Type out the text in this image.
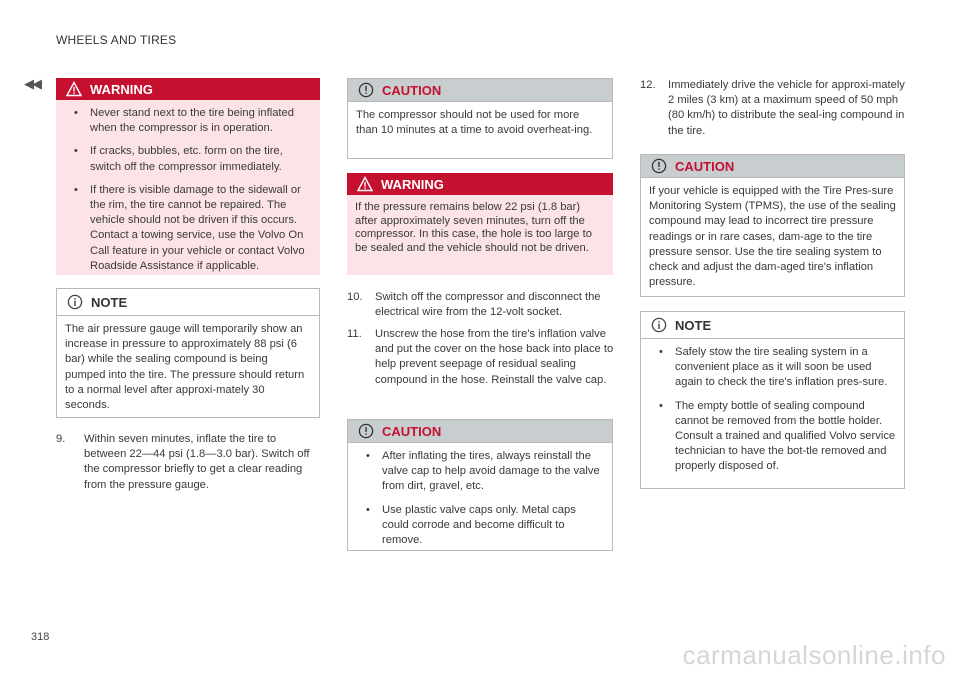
WHEELS AND TIRES
◀◀	WARNING
• Never stand next to the tire being inflated when the compressor is in operation.
• If cracks, bubbles, etc. form on the tire, switch off the compressor immediately.
• If there is visible damage to the sidewall or the rim, the tire cannot be repaired. The vehicle should not be driven if this occurs. Contact a towing service, use the Volvo On Call feature in your vehicle or contact Volvo Roadside Assistance if applicable.
NOTE
The air pressure gauge will temporarily show an increase in pressure to approximately 88 psi (6 bar) while the sealing compound is being pumped into the tire. The pressure should return to a normal level after approxi-mately 30 seconds.
9.	Within seven minutes, inflate the tire to between 22—44 psi (1.8—3.0 bar). Switch off the compressor briefly to get a clear reading from the pressure gauge.
CAUTION
The compressor should not be used for more than 10 minutes at a time to avoid overheat-ing.
WARNING
If the pressure remains below 22 psi (1.8 bar) after approximately seven minutes, turn off the compressor. In this case, the hole is too large to be sealed and the vehicle should not be driven.
10.	Switch off the compressor and disconnect the electrical wire from the 12-volt socket.
11.	Unscrew the hose from the tire's inflation valve and put the cover on the hose back into place to help prevent seepage of residual sealing compound in the hose. Reinstall the valve cap.
CAUTION
• After inflating the tires, always reinstall the valve cap to help avoid damage to the valve from dirt, gravel, etc.
• Use plastic valve caps only. Metal caps could corrode and become difficult to remove.
12.	Immediately drive the vehicle for approxi-mately 2 miles (3 km) at a maximum speed of 50 mph (80 km/h) to distribute the seal-ing compound in the tire.
CAUTION
If your vehicle is equipped with the Tire Pres-sure Monitoring System (TPMS), the use of the sealing compound may lead to incorrect tire pressure readings or in rare cases, dam-age to the tire pressure sensor. Use the tire sealing system to check and adjust the dam-aged tire's inflation pressure.
NOTE
• Safely stow the tire sealing system in a convenient place as it will soon be used again to check the tire's inflation pres-sure.
• The empty bottle of sealing compound cannot be removed from the bottle holder. Consult a trained and qualified Volvo service technician to have the bot-tle removed and properly disposed of.
318
carmanualsonline.info
